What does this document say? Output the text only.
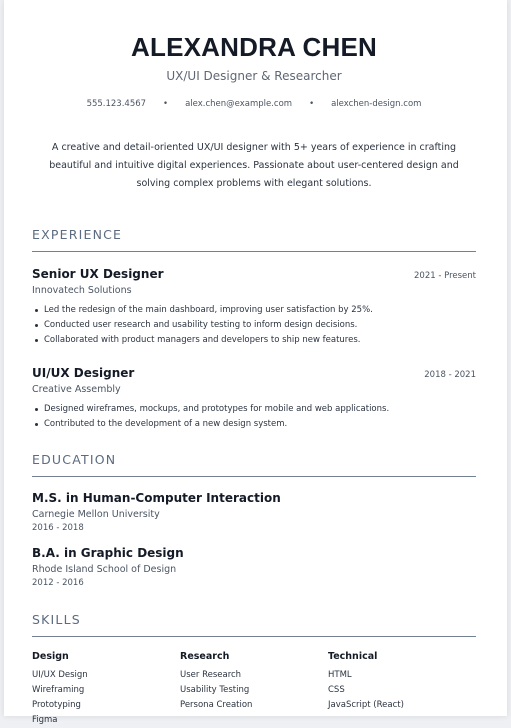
ALEXANDRA CHEN
UX/UI Designer & Researcher
555.123.4567 • alex.chen@example.com • alexchen-design.com

A creative and detail-oriented UX/UI designer with 5+ years of experience in crafting beautiful and intuitive digital experiences. Passionate about user-centered design and solving complex problems with elegant solutions.

EXPERIENCE
Senior UX Designer	2021 - Present
Innovatech Solutions
Led the redesign of the main dashboard, improving user satisfaction by 25%.
Conducted user research and usability testing to inform design decisions.
Collaborated with product managers and developers to ship new features.
UI/UX Designer	2018 - 2021
Creative Assembly
Designed wireframes, mockups, and prototypes for mobile and web applications.
Contributed to the development of a new design system.
EDUCATION
M.S. in Human-Computer Interaction
Carnegie Mellon University
2016 - 2018
B.A. in Graphic Design
Rhode Island School of Design
2012 - 2016
SKILLS
Design
UI/UX Design
Wireframing
Prototyping
Figma
Research
User Research
Usability Testing
Persona Creation
Technical
HTML
CSS
JavaScript (React)
